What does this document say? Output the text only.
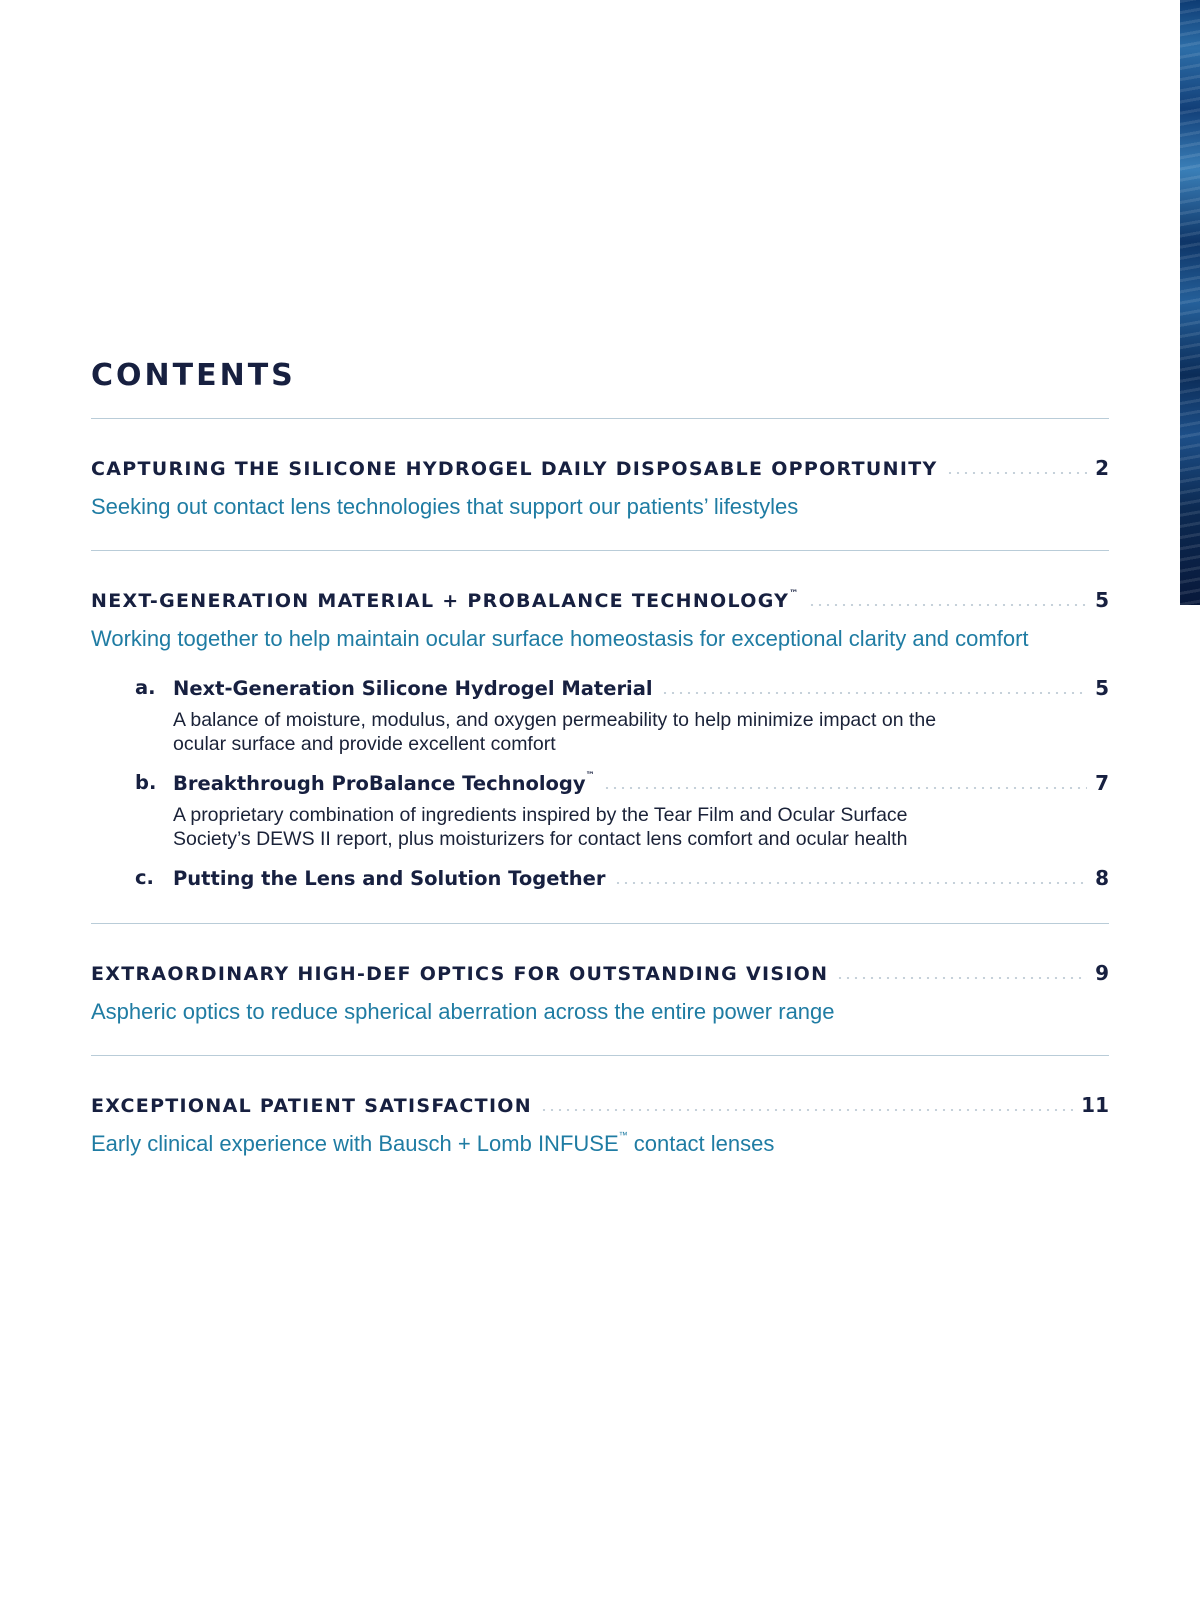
CONTENTS
CAPTURING THE SILICONE HYDROGEL DAILY DISPOSABLE OPPORTUNITY	2
Seeking out contact lens technologies that support our patients’ lifestyles
NEXT-GENERATION MATERIAL + PROBALANCE TECHNOLOGY™	5
Working together to help maintain ocular surface homeostasis for exceptional clarity and comfort
a. Next-Generation Silicone Hydrogel Material	5
A balance of moisture, modulus, and oxygen permeability to help minimize impact on the
ocular surface and provide excellent comfort
b. Breakthrough ProBalance Technology™	7
A proprietary combination of ingredients inspired by the Tear Film and Ocular Surface
Society’s DEWS II report, plus moisturizers for contact lens comfort and ocular health
c. Putting the Lens and Solution Together	8
EXTRAORDINARY HIGH-DEF OPTICS FOR OUTSTANDING VISION	9
Aspheric optics to reduce spherical aberration across the entire power range
EXCEPTIONAL PATIENT SATISFACTION	11
Early clinical experience with Bausch + Lomb INFUSE™ contact lenses
